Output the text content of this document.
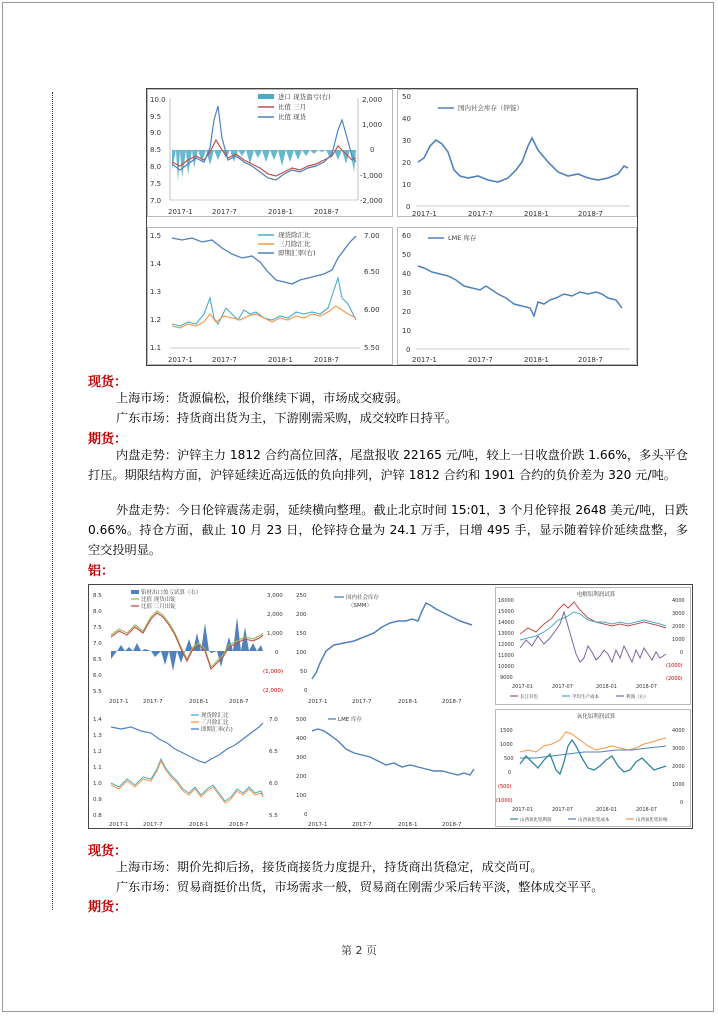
10.0
9.5
9.0
8.5
8.0
7.5
7.0
2,000
1,000
0
-1,000
-2,000
2017-1	2017-7	2018-1	2018-7
进口 现货盈亏(右)
比值 三月
比值 现货
50
40
30
20
10
0
2017-1	2017-7	2018-1	2018-7
国内社会库存（锌锭）
1.5
1.4
1.3
1.2
1.1
7.00
6.50
6.00
5.50
2017-1	2017-7	2018-1	2018-7
现货除汇比
三月除汇比
即期汇率(右)
60
50
40
30
20
10
0
2017-1	2017-7	2018-1	2018-7
LME 库存
现货：
上海市场：货源偏松，报价继续下调，市场成交疲弱。
广东市场：持货商出货为主，下游刚需采购，成交较昨日持平。
期货：
内盘走势：沪锌主力 1812 合约高位回落，尾盘报收 22165 元/吨，较上一日收盘价跌 1.66%，多头平仓打压。期限结构方面，沪锌延续近高远低的负向排列，沪锌 1812 合约和 1901 合约的负价差为 320 元/吨。
外盘走势：今日伦锌震荡走弱，延续横向整理。截止北京时间 15:01，3 个月伦锌报 2648 美元/吨，日跌 0.66%。持仓方面，截止 10 月 23 日，伦锌持仓量为 24.1 万手，日增 495 手，显示随着锌价延续盘整，多空交投明显。
铝：
8.5
8.0
7.5
7.0
6.5
6.0
5.5
3,000
2,000
1,000
0
(1,000)
(2,000)
2017-1	2017-7	2018-1	2018-7
铝材出口盈亏试算（右）
比值 现货出锭
比值 三月出锭
250
200
150
100
50
0
2017-1	2017-7	2018-1	2018-7
国内社会库存
（SMM）
电解铝利润试算
16000
15000
14000
13000
12000
11000
10000
9000
4000
3000
2000
1000
0
(1000)
(2000)
2017-01	2017-07	2018-01	2018-07
长江有色	平均生产成本	利润（右）
1.4
1.3
1.2
1.1
1.0
0.9
0.8
7.0
6.5
6.0
5.5
2017-1	2017-7	2018-1	2018-7
现货除汇比
三月除汇比
即期汇率(右)
500
400
300
200
100
0
2017-1	2017-7	2018-1	2018-7
LME 库存	氧化铝利润试算
1500
1000
500
0
(500)
(1000)
4000
3000
2000
1000
0
2017-01	2017-07	2018-01	2018-07
山西氧化铝利润	山西氧化铝成本	山西氧化铝价格
现货：
上海市场：期价先抑后扬，接货商接货力度提升，持货商出货稳定，成交尚可。
广东市场：贸易商挺价出货，市场需求一般，贸易商在刚需少采后转平淡，整体成交平平。
期货：
第 2 页
